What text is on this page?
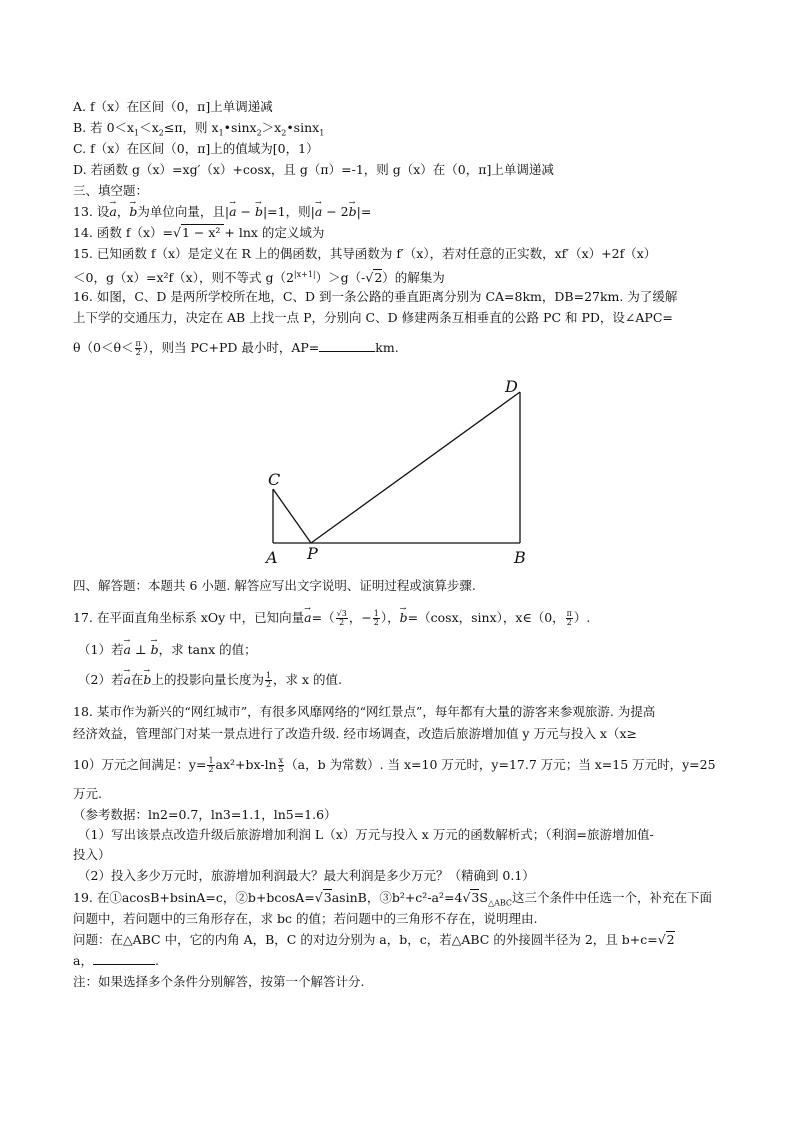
A. f（x）在区间（0，π]上单调递减
B. 若 $0<x_1<x_2\le\pi$，则 $x_1•\sin x_2>x_2•\sin x_1$
C. f（x）在区间（0，π]上的值域为[0，1）
D. 若函数 g（x）=xg′（x）+cosx，且 g（π）=-1，则 g（x）在（0，π]上单调递减
三、填空题：
13. 设→ a，→ b为单位向量，且|→ a − → b|=1，则|→ a − 2→ b|=
14. 函数 f（x）=√1 − x² + lnx 的定义域为
15. 已知函数 f（x）是定义在 R 上的偶函数，其导函数为 f′（x），若对任意的正实数，xf′（x）+2f（x）
＜0，g（x）=x²f（x），则不等式 $g(2^{|x+1|})>g(-√2)$的解集为
16. 如图，C、D 是两所学校所在地，C、D 到一条公路的垂直距离分别为 CA=8km，DB=27km. 为了缓解
上下学的交通压力，决定在 AB 上找一点 P，分别向 C、D 修建两条互相垂直的公路 PC 和 PD，设∠APC=
$\theta(0<\theta< \frac{\pi}{2}$ ），则当 PC+PD 最小时，AP=	km.
A P	B
C
D
四、解答题：本题共 6 小题. 解答应写出文字说明、证明过程或演算步骤.
17. 在平面直角坐标系 xOy 中，已知向量→ $a=( \frac{√3}{2}$ ，− $\frac{1}{2}$ ），→ b=（cosx，sinx），x∈（0， $\frac{\pi}{2}$ ）.
（1）若→ a ⊥ → b，求 tanx 的值；
（2）若→ a在→ b上的投影向量长度为 $\frac{1}{2}$ ，求 x 的值.
18. 某市作为新兴的“网红城市”，有很多风靡网络的“网红景点”，每年都有大量的游客来参观旅游. 为提高
经济效益，管理部门对某一景点进行了改造升级. 经市场调查，改造后旅游增加值 y 万元与投入 x（x≥
10）万元之间满足：$y= \frac{1}{2} ax^2+bx-\ln \frac{x}{5} (a$，b 为常数）. 当 x=10 万元时，y=17.7 万元；当 x=15 万元时，y=25
万元.
（参考数据：ln2=0.7，ln3=1.1，ln5=1.6）
（1）写出该景点改造升级后旅游增加利润 L（x）万元与投入 x 万元的函数解析式；（利润=旅游增加值-
投入）
（2）投入多少万元时，旅游增加利润最大？最大利润是多少万元？（精确到 0.1）
19. 在①acosB+bsinA=c，②b+bcosA=√3asinB，$③b^2+c^2-a^2=4√3S_{\triangle ABC}$这三个条件中任选一个，补充在下面
问题中，若问题中的三角形存在，求 bc 的值；若问题中的三角形不存在，说明理由.
问题：在△ABC 中，它的内角 A，B，C 的对边分别为 a，b，c，若△ABC 的外接圆半径为 2，且 b+c=√2
a，	.
注：如果选择多个条件分别解答，按第一个解答计分.
